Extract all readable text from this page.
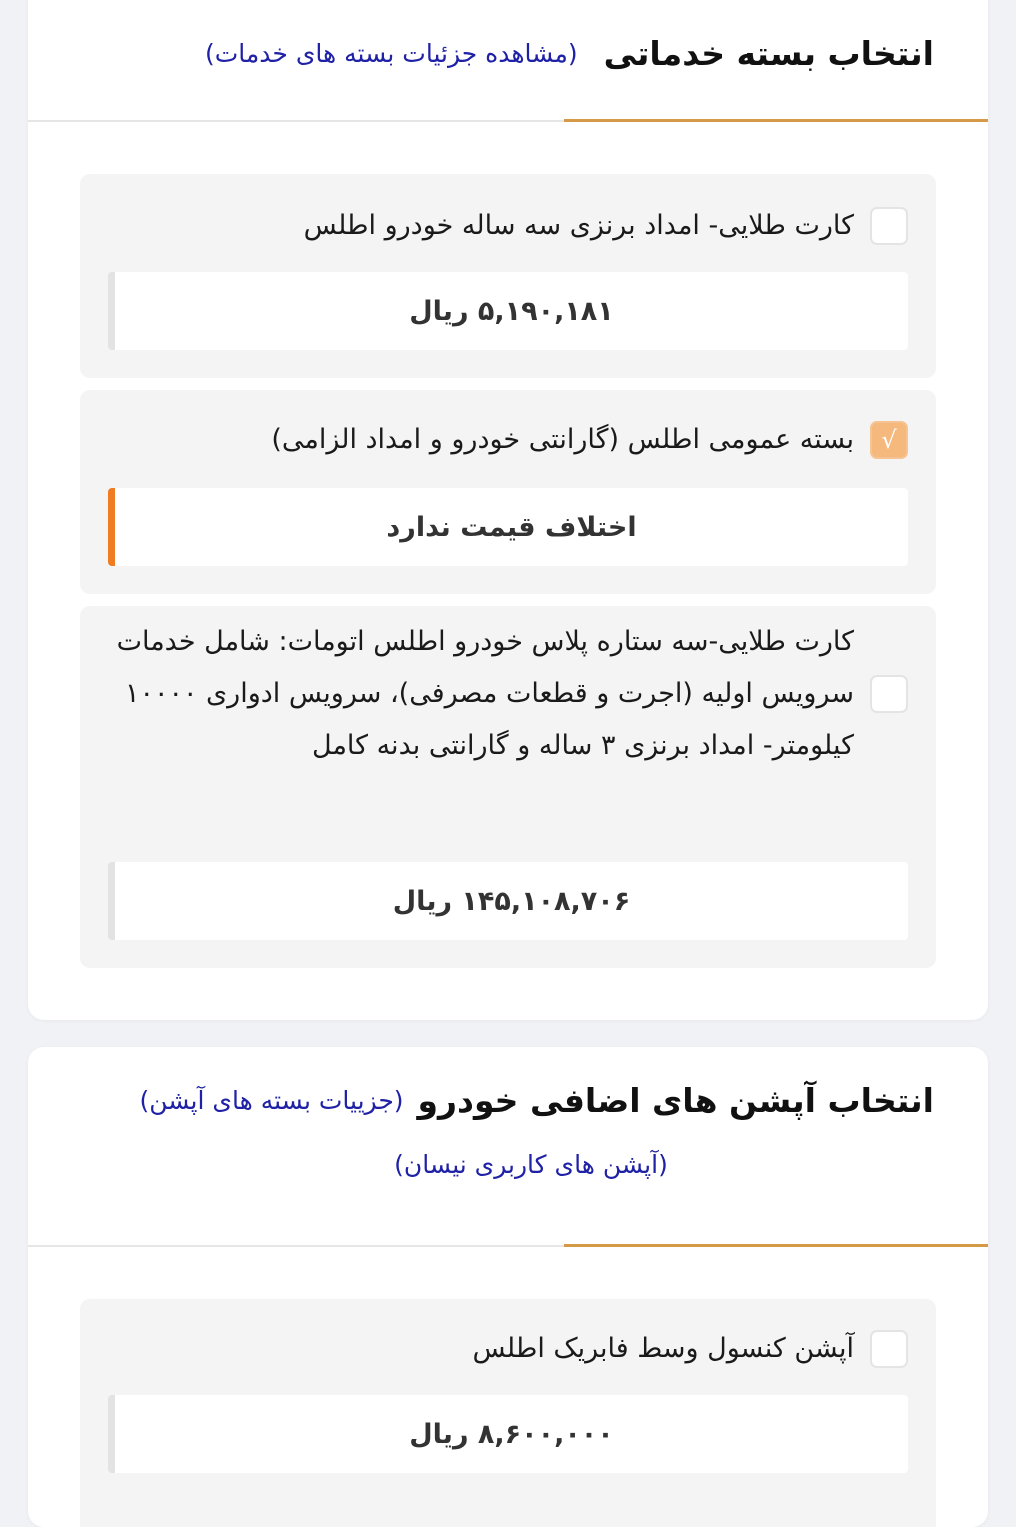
انتخاب بسته خدماتی
(مشاهده جزئیات بسته های خدمات)
کارت طلایی- امداد برنزی سه ساله خودرو اطلس
۵,۱۹۰,۱۸۱ ریال
√
بسته عمومی اطلس (گارانتی خودرو و امداد الزامی)
اختلاف قیمت ندارد
کارت طلایی-سه ستاره پلاس خودرو اطلس اتومات: شامل خدمات سرویس اولیه (اجرت و قطعات مصرفی)، سرویس ادواری ۱۰۰۰۰ کیلومتر- امداد برنزی ۳ ساله و گارانتی بدنه کامل
۱۴۵,۱۰۸,۷۰۶ ریال
انتخاب آپشن های اضافی خودرو
(جزییات بسته های آپشن)
(آپشن های کاربری نیسان)
آپشن کنسول وسط فابریک اطلس
۸,۶۰۰,۰۰۰ ریال
